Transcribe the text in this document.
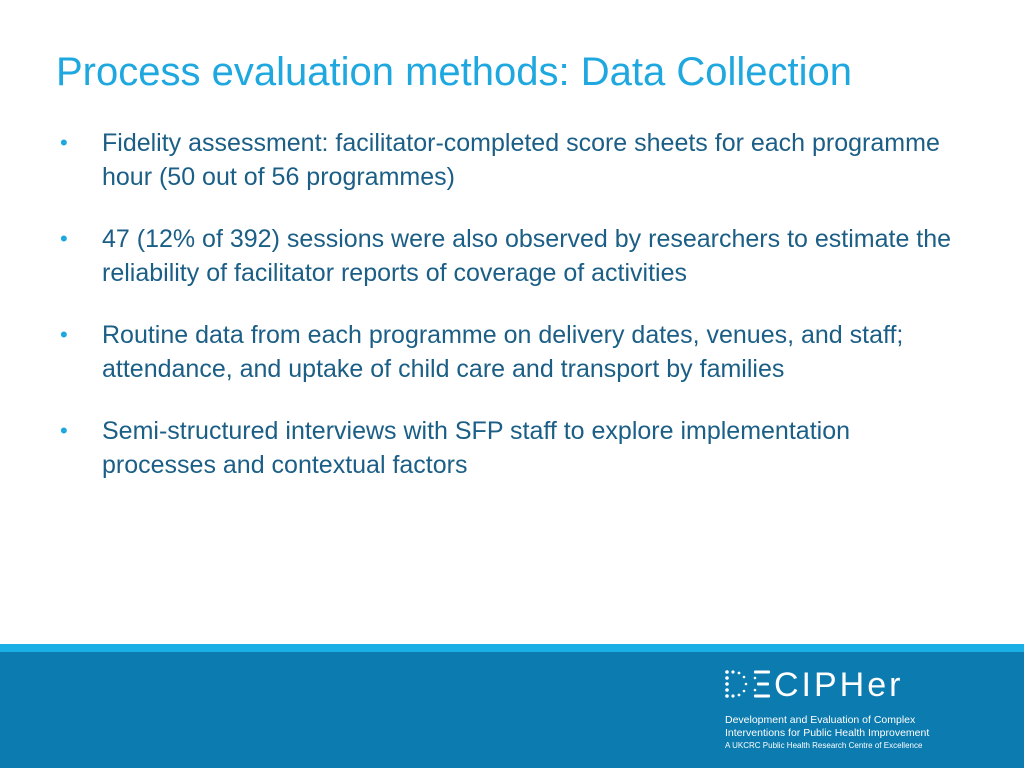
Process evaluation methods: Data Collection
•	Fidelity assessment: facilitator-completed score sheets for each programme hour (50 out of 56 programmes)
•	47 (12% of 392) sessions were also observed by researchers to estimate the reliability of facilitator reports of coverage of activities
•	Routine data from each programme on delivery dates, venues, and staff; attendance, and uptake of child care and transport by families
•	Semi-structured interviews with SFP staff to explore implementation processes and contextual factors
CIPHer
Development and Evaluation of Complex
Interventions for Public Health Improvement
A UKCRC Public Health Research Centre of Excellence
